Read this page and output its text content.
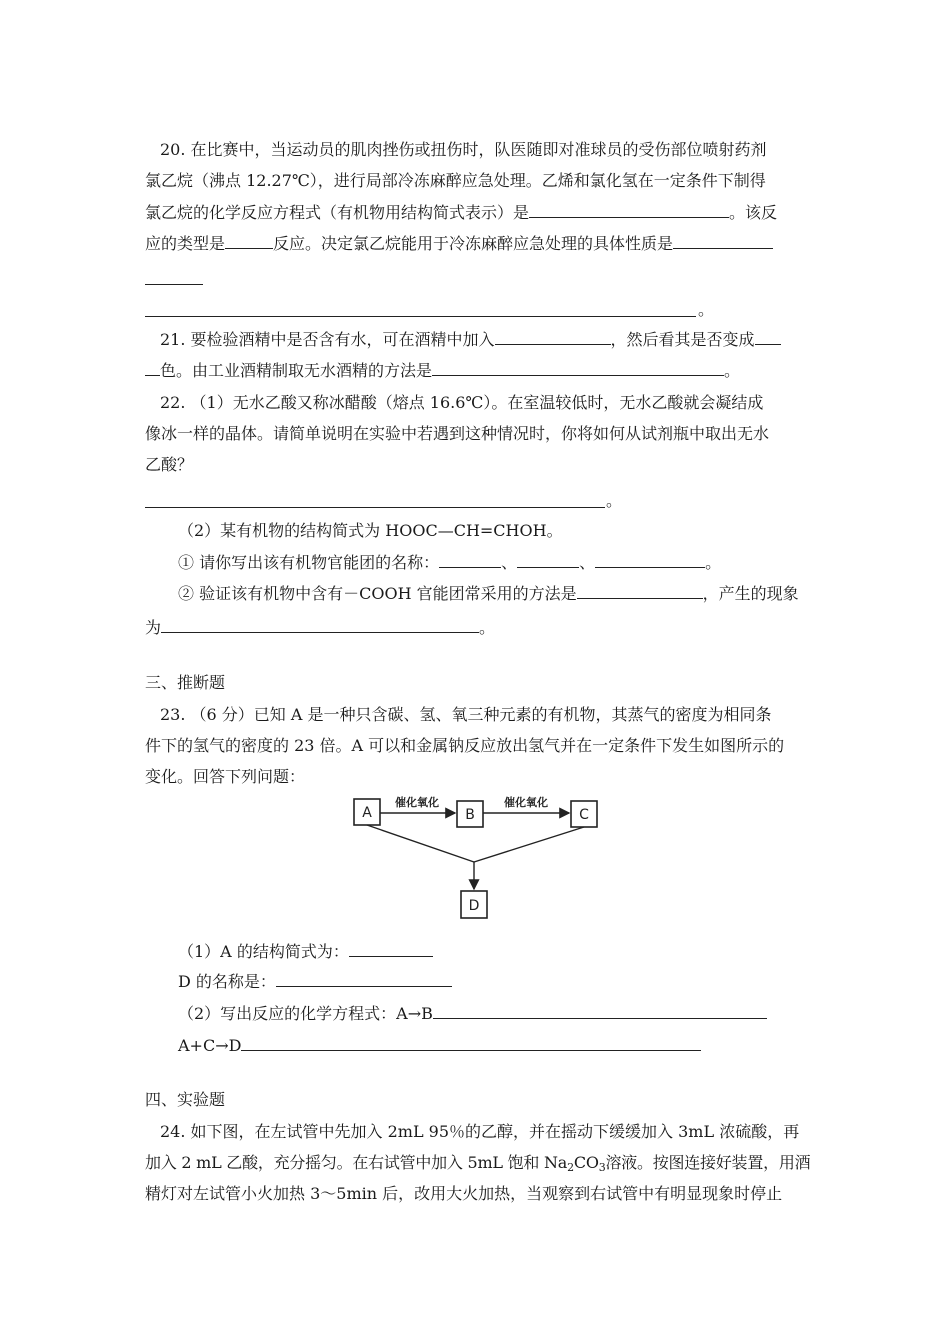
20. 在比赛中，当运动员的肌肉挫伤或扭伤时，队医随即对准球员的受伤部位喷射药剂
氯乙烷（沸点 12.27℃），进行局部冷冻麻醉应急处理。乙烯和氯化氢在一定条件下制得
氯乙烷的化学反应方程式（有机物用结构简式表示）是	。该反
应的类型是	反应。决定氯乙烷能用于冷冻麻醉应急处理的具体性质是
。
21. 要检验酒精中是否含有水，可在酒精中加入	，然后看其是否变成
色。由工业酒精制取无水酒精的方法是	。
22. （1）无水乙酸又称冰醋酸（熔点 16.6℃）。在室温较低时，无水乙酸就会凝结成
像冰一样的晶体。请简单说明在实验中若遇到这种情况时，你将如何从试剂瓶中取出无水
乙酸？
。
（2）某有机物的结构简式为 HOOC—CH=CHOH。
① 请你写出该有机物官能团的名称：	、	、	。
② 验证该有机物中含有－COOH 官能团常采用的方法是	，产生的现象
为	。
三、推断题
23. （6 分）已知 A 是一种只含碳、氢、氧三种元素的有机物，其蒸气的密度为相同条
件下的氢气的密度的 23 倍。A 可以和金属钠反应放出氢气并在一定条件下发生如图所示的
变化。回答下列问题：
A	B	C
D
催化氧化	催化氧化
（1）A 的结构简式为：
D 的名称是：
（2）写出反应的化学方程式：A→B
A+C→D
四、实验题
24. 如下图，在左试管中先加入 2mL 95％的乙醇，并在摇动下缓缓加入 3mL 浓硫酸，再
加入 2 mL 乙酸，充分摇匀。在右试管中加入 5mL 饱和 $Na_2CO_3$溶液。按图连接好装置，用酒
精灯对左试管小火加热 3～5min 后，改用大火加热，当观察到右试管中有明显现象时停止
